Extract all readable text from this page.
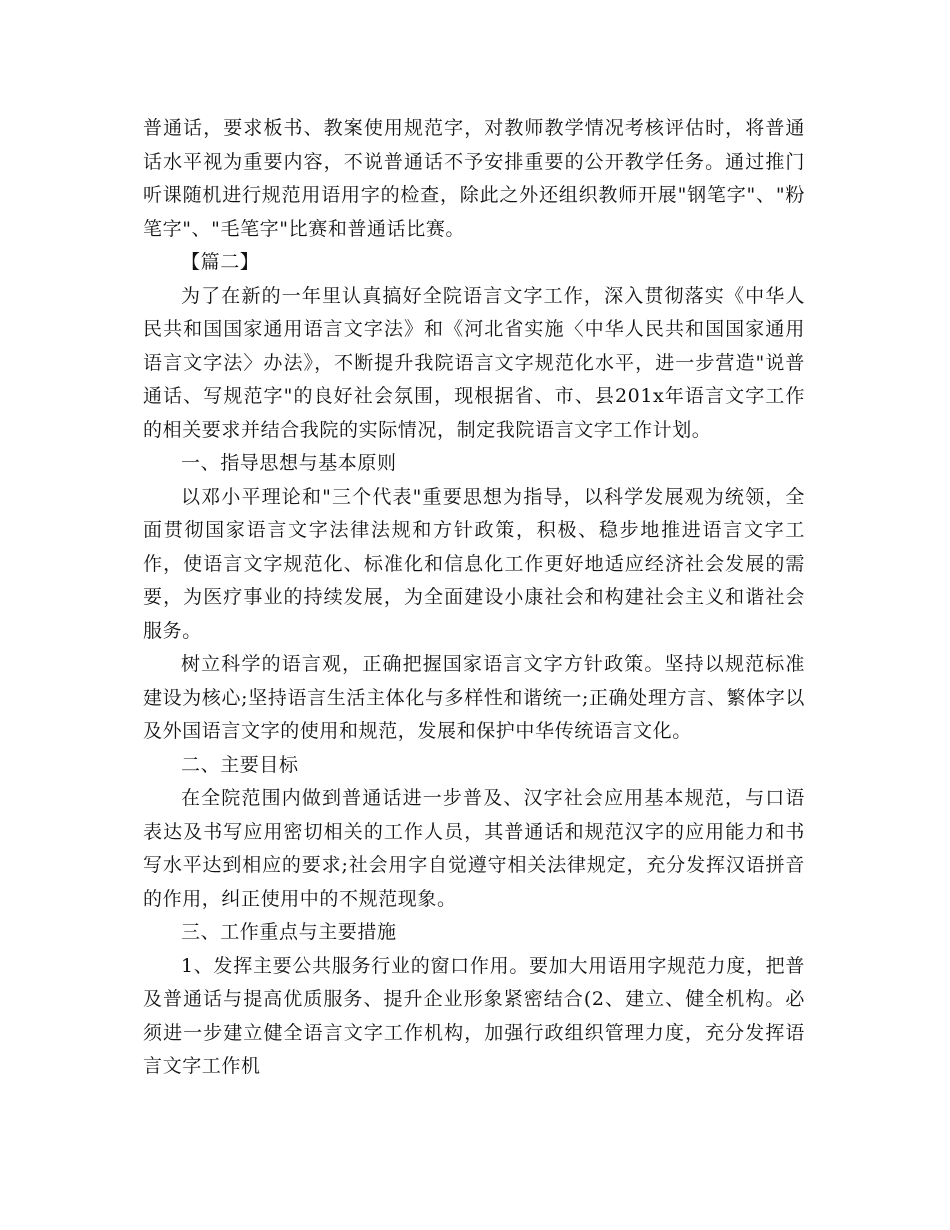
普通话，要求板书、教案使用规范字，对教师教学情况考核评估时，将普通话水平视为重要内容，不说普通话不予安排重要的公开教学任务。通过推门听课随机进行规范用语用字的检查，除此之外还组织教师开展"钢笔字"、"粉笔字"、"毛笔字"比赛和普通话比赛。

【篇二】

为了在新的一年里认真搞好全院语言文字工作，深入贯彻落实《中华人民共和国国家通用语言文字法》和《河北省实施〈中华人民共和国国家通用语言文字法〉办法》，不断提升我院语言文字规范化水平，进一步营造"说普通话、写规范字"的良好社会氛围，现根据省、市、县201x年语言文字工作的相关要求并结合我院的实际情况，制定我院语言文字工作计划。

一、指导思想与基本原则

以邓小平理论和"三个代表"重要思想为指导，以科学发展观为统领，全面贯彻国家语言文字法律法规和方针政策，积极、稳步地推进语言文字工作，使语言文字规范化、标准化和信息化工作更好地适应经济社会发展的需要，为医疗事业的持续发展，为全面建设小康社会和构建社会主义和谐社会服务。

树立科学的语言观，正确把握国家语言文字方针政策。坚持以规范标准建设为核心;坚持语言生活主体化与多样性和谐统一;正确处理方言、繁体字以及外国语言文字的使用和规范，发展和保护中华传统语言文化。

二、主要目标

在全院范围内做到普通话进一步普及、汉字社会应用基本规范，与口语表达及书写应用密切相关的工作人员，其普通话和规范汉字的应用能力和书写水平达到相应的要求;社会用字自觉遵守相关法律规定，充分发挥汉语拼音的作用，纠正使用中的不规范现象。

三、工作重点与主要措施

1、发挥主要公共服务行业的窗口作用。要加大用语用字规范力度，把普及普通话与提高优质服务、提升企业形象紧密结合(2、建立、健全机构。必须进一步建立健全语言文字工作机构，加强行政组织管理力度，充分发挥语言文字工作机
